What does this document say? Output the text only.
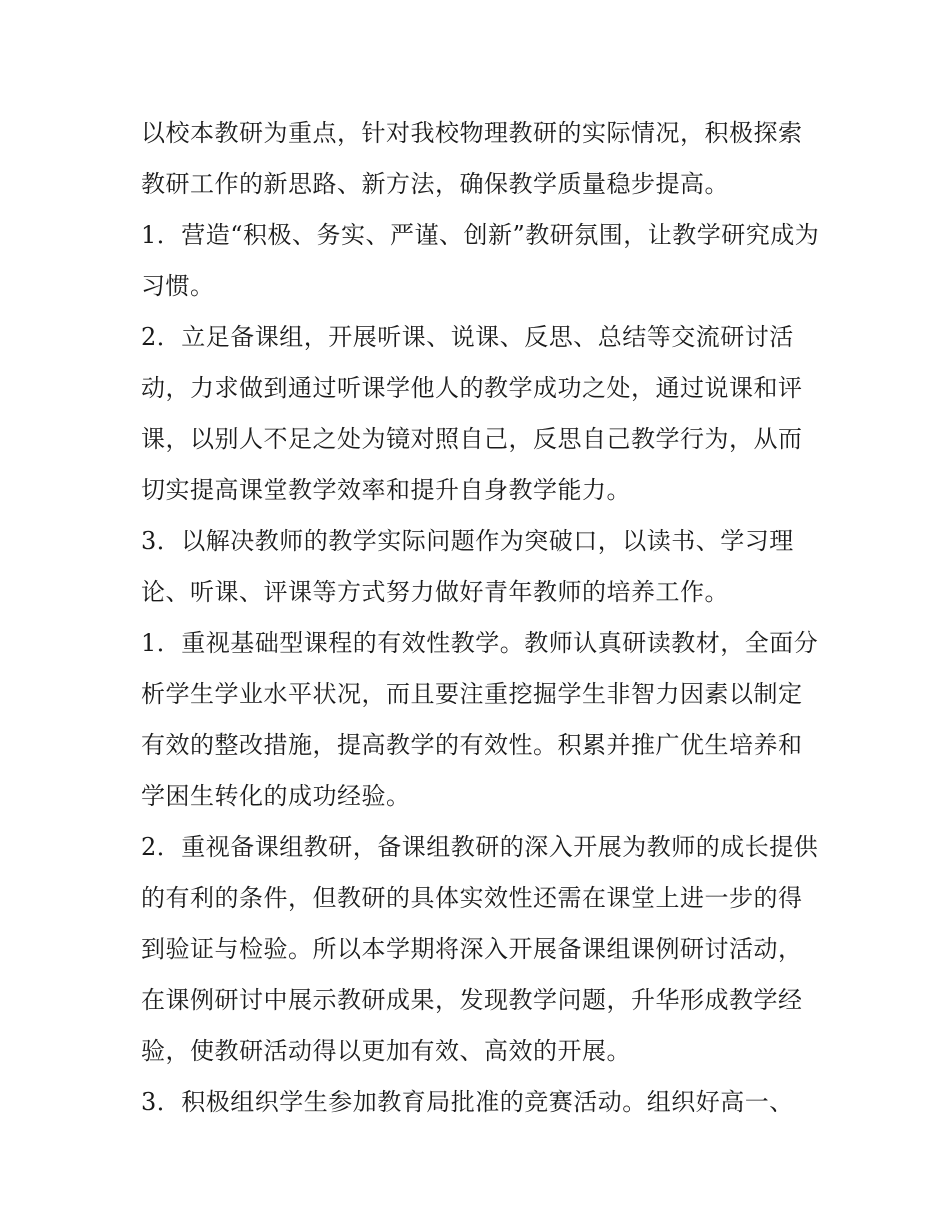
以校本教研为重点，针对我校物理教研的实际情况，积极探索教研工作的新思路、新方法，确保教学质量稳步提高。

1．营造“积极、务实、严谨、创新”教研氛围，让教学研究成为习惯。

2．立足备课组，开展听课、说课、反思、总结等交流研讨活动，力求做到通过听课学他人的教学成功之处，通过说课和评课，以别人不足之处为镜对照自己，反思自己教学行为，从而切实提高课堂教学效率和提升自身教学能力。

3．以解决教师的教学实际问题作为突破口，以读书、学习理论、听课、评课等方式努力做好青年教师的培养工作。

1．重视基础型课程的有效性教学。教师认真研读教材，全面分析学生学业水平状况，而且要注重挖掘学生非智力因素以制定有效的整改措施，提高教学的有效性。积累并推广优生培养和学困生转化的成功经验。

2．重视备课组教研，备课组教研的深入开展为教师的成长提供的有利的条件，但教研的具体实效性还需在课堂上进一步的得到验证与检验。所以本学期将深入开展备课组课例研讨活动，在课例研讨中展示教研成果，发现教学问题，升华形成教学经验，使教研活动得以更加有效、高效的开展。

3．积极组织学生参加教育局批准的竞赛活动。组织好高一、
